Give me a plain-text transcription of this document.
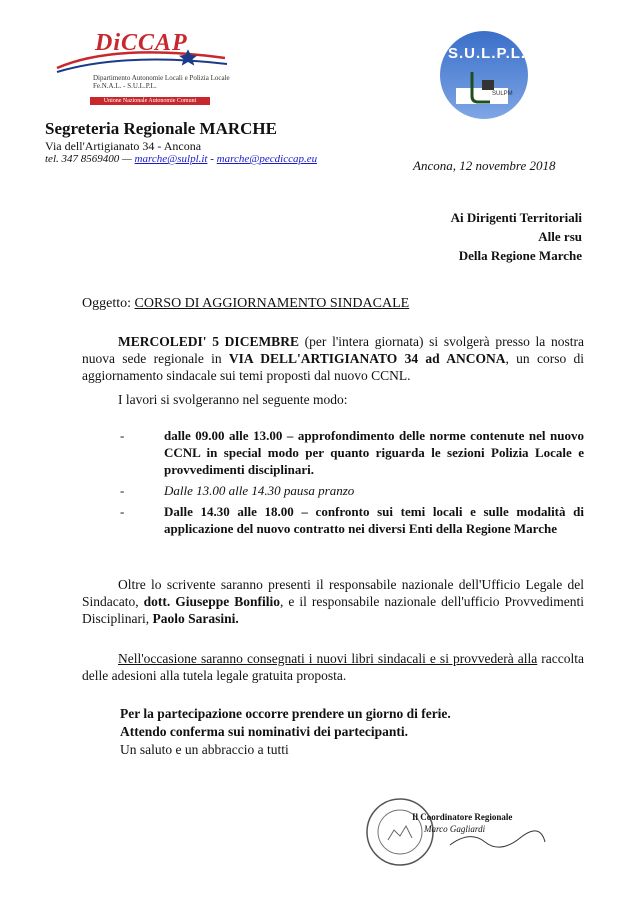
DiCCAP
Dipartimento Autonomie Locali e Polizia Locale Fe.N.A.L. - S.U.L.P.L.
Unione Nazionale Autonomie Comuni
S.U.L.P.L.
SULPM
Segreteria Regionale MARCHE
Via dell'Artigianato 34 - Ancona
tel. 347 8569400 — marche@sulpl.it - marche@pecdiccap.eu	Ancona, 12 novembre 2018
Ai Dirigenti Territoriali
Alle rsu
Della Regione Marche
Oggetto: CORSO DI AGGIORNAMENTO SINDACALE
MERCOLEDI' 5 DICEMBRE (per l'intera giornata) si svolgerà presso la nostra nuova sede regionale in VIA DELL'ARTIGIANATO 34 ad ANCONA, un corso di aggiornamento sindacale sui temi proposti dal nuovo CCNL.
I lavori si svolgeranno nel seguente modo:
-	dalle 09.00 alle 13.00 – approfondimento delle norme contenute nel nuovo CCNL in special modo per quanto riguarda le sezioni Polizia Locale e provvedimenti disciplinari.
-	Dalle 13.00 alle 14.30 pausa pranzo
-	Dalle 14.30 alle 18.00 – confronto sui temi locali e sulle modalità di applicazione del nuovo contratto nei diversi Enti della Regione Marche
Oltre lo scrivente saranno presenti il responsabile nazionale dell'Ufficio Legale del Sindacato, dott. Giuseppe Bonfilio, e il responsabile nazionale dell'ufficio Provvedimenti Disciplinari, Paolo Sarasini.
Nell'occasione saranno consegnati i nuovi libri sindacali e si provvederà alla raccolta delle adesioni alla tutela legale gratuita proposta.
Per la partecipazione occorre prendere un giorno di ferie.
Attendo conferma sui nominativi dei partecipanti.
Un saluto e un abbraccio a tutti
Il Coordinatore Regionale
Marco Gagliardi
